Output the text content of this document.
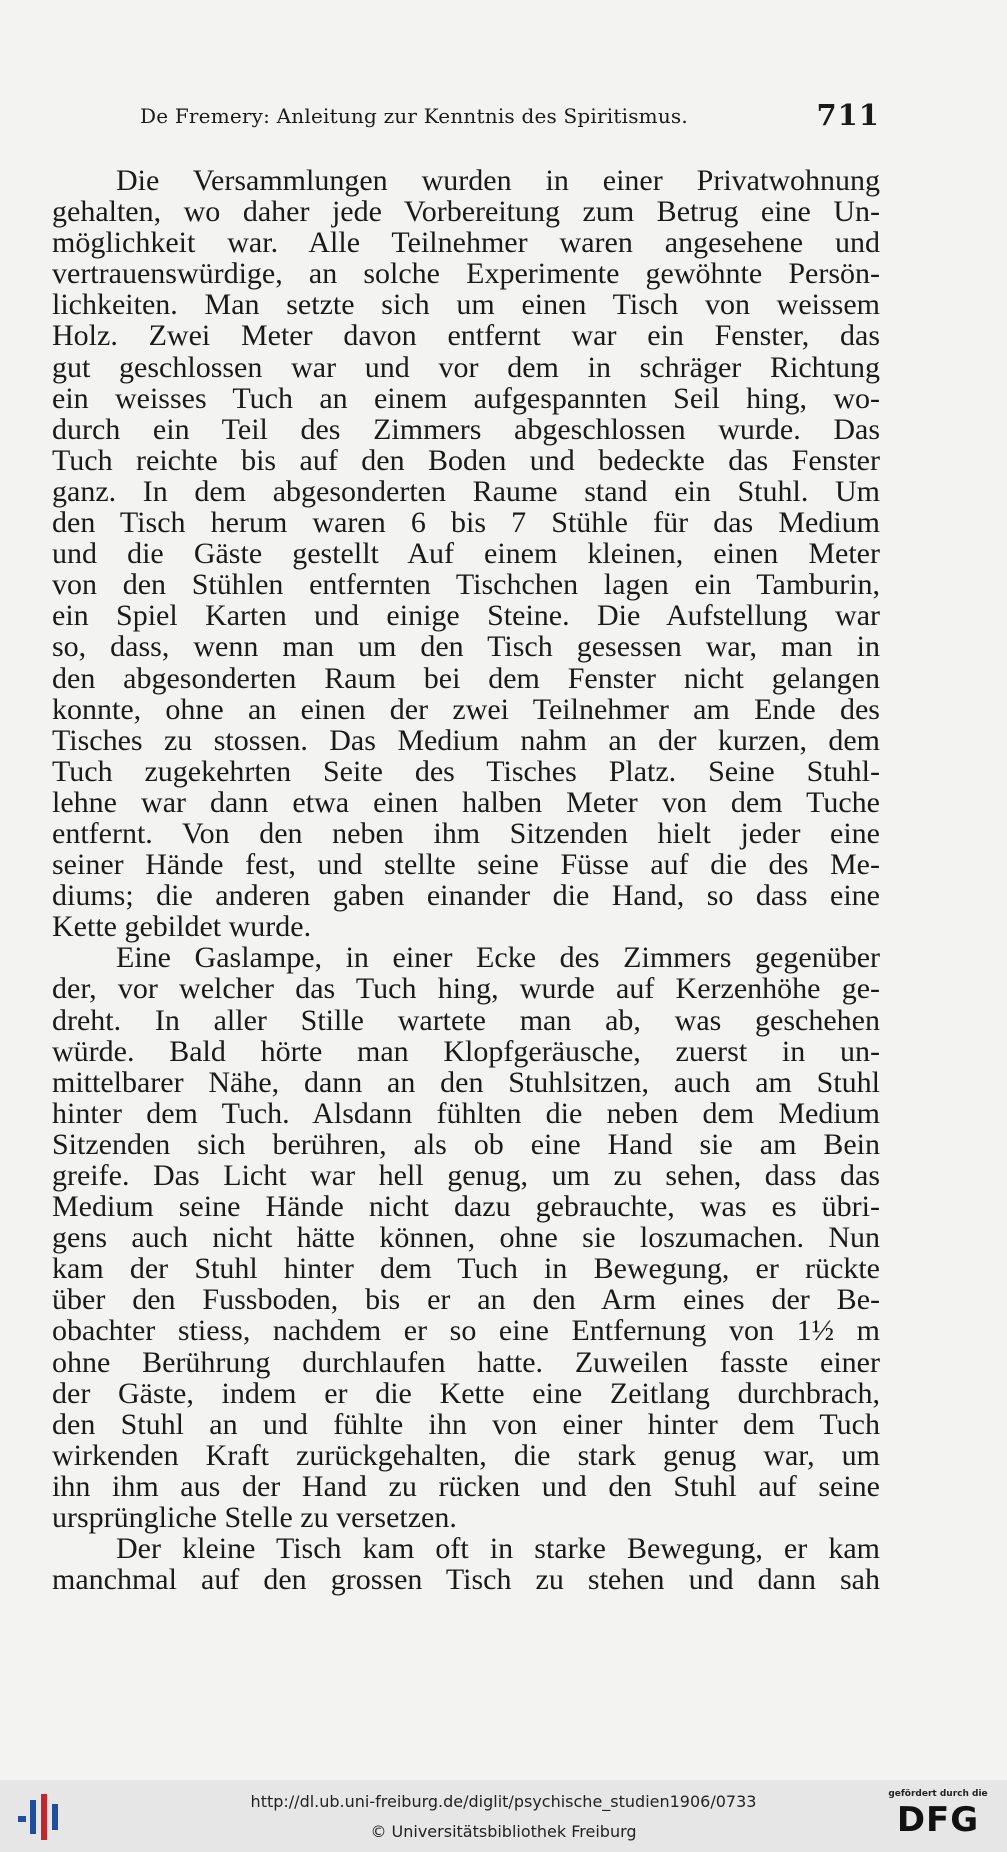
De Fremery: Anleitung zur Kenntnis des Spiritismus.	711
Die Versammlungen wurden in einer Privatwohnung
gehalten, wo daher jede Vorbereitung zum Betrug eine Un-
möglichkeit war. Alle Teilnehmer waren angesehene und
vertrauenswürdige, an solche Experimente gewöhnte Persön-
lichkeiten. Man setzte sich um einen Tisch von weissem
Holz. Zwei Meter davon entfernt war ein Fenster, das
gut geschlossen war und vor dem in schräger Richtung
ein weisses Tuch an einem aufgespannten Seil hing, wo-
durch ein Teil des Zimmers abgeschlossen wurde. Das
Tuch reichte bis auf den Boden und bedeckte das Fenster
ganz. In dem abgesonderten Raume stand ein Stuhl. Um
den Tisch herum waren 6 bis 7 Stühle für das Medium
und die Gäste gestellt Auf einem kleinen, einen Meter
von den Stühlen entfernten Tischchen lagen ein Tamburin,
ein Spiel Karten und einige Steine. Die Aufstellung war
so, dass, wenn man um den Tisch gesessen war, man in
den abgesonderten Raum bei dem Fenster nicht gelangen
konnte, ohne an einen der zwei Teilnehmer am Ende des
Tisches zu stossen. Das Medium nahm an der kurzen, dem
Tuch zugekehrten Seite des Tisches Platz. Seine Stuhl-
lehne war dann etwa einen halben Meter von dem Tuche
entfernt. Von den neben ihm Sitzenden hielt jeder eine
seiner Hände fest, und stellte seine Füsse auf die des Me-
diums; die anderen gaben einander die Hand, so dass eine
Kette gebildet wurde.
Eine Gaslampe, in einer Ecke des Zimmers gegenüber
der, vor welcher das Tuch hing, wurde auf Kerzenhöhe ge-
dreht. In aller Stille wartete man ab, was geschehen
würde. Bald hörte man Klopfgeräusche, zuerst in un-
mittelbarer Nähe, dann an den Stuhlsitzen, auch am Stuhl
hinter dem Tuch. Alsdann fühlten die neben dem Medium
Sitzenden sich berühren, als ob eine Hand sie am Bein
greife. Das Licht war hell genug, um zu sehen, dass das
Medium seine Hände nicht dazu gebrauchte, was es übri-
gens auch nicht hätte können, ohne sie loszumachen. Nun
kam der Stuhl hinter dem Tuch in Bewegung, er rückte
über den Fussboden, bis er an den Arm eines der Be-
obachter stiess, nachdem er so eine Entfernung von 1½ m
ohne Berührung durchlaufen hatte. Zuweilen fasste einer
der Gäste, indem er die Kette eine Zeitlang durchbrach,
den Stuhl an und fühlte ihn von einer hinter dem Tuch
wirkenden Kraft zurückgehalten, die stark genug war, um
ihn ihm aus der Hand zu rücken und den Stuhl auf seine
ursprüngliche Stelle zu versetzen.
Der kleine Tisch kam oft in starke Bewegung, er kam
manchmal auf den grossen Tisch zu stehen und dann sah
http://dl.ub.uni-freiburg.de/diglit/psychische_studien1906/0733
© Universitätsbibliothek Freiburg
gefördert durch die
DFG
